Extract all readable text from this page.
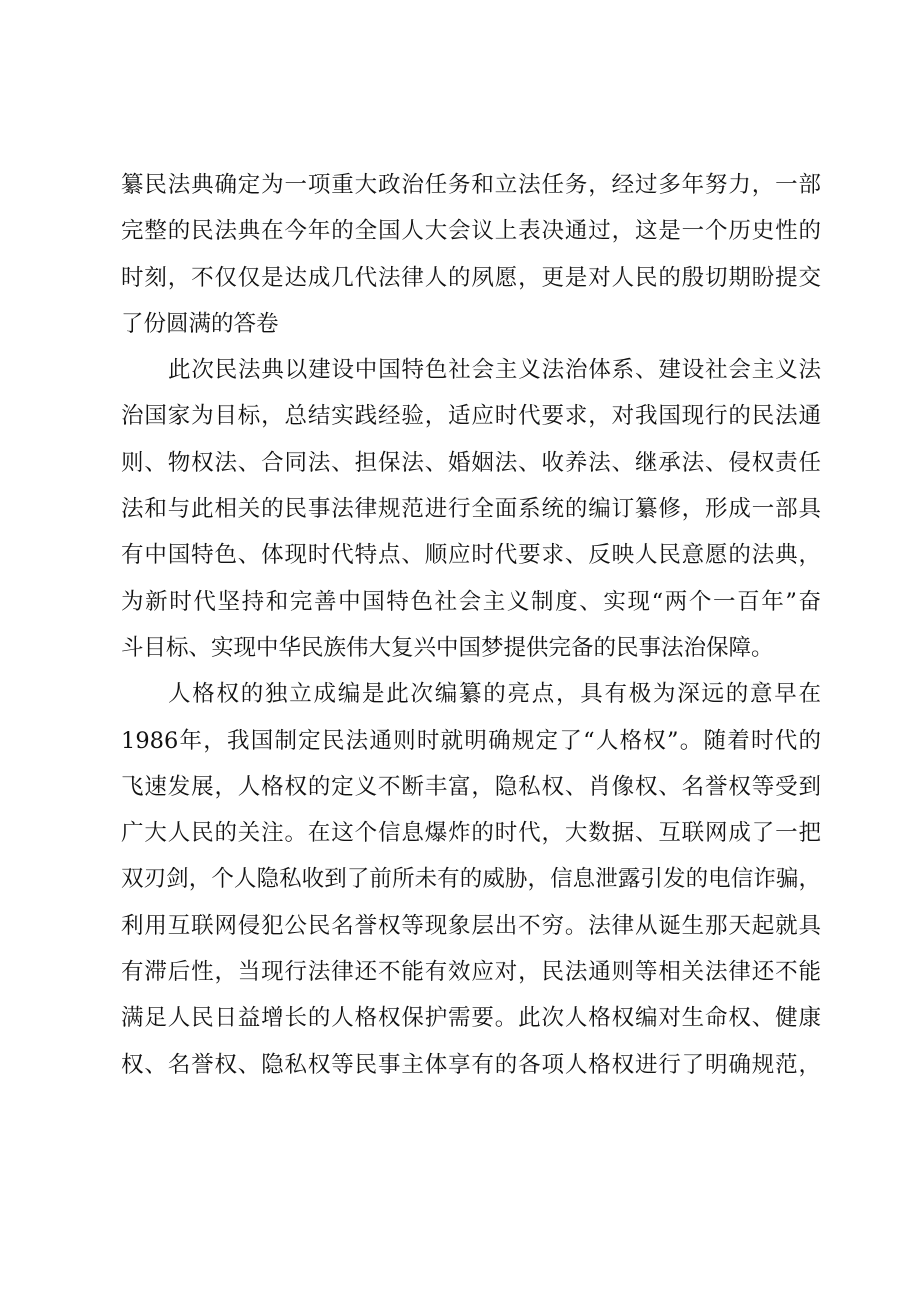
纂民法典确定为一项重大政治任务和立法任务，经过多年努力，一部
完整的民法典在今年的全国人大会议上表决通过，这是一个历史性的
时刻，不仅仅是达成几代法律人的夙愿，更是对人民的殷切期盼提交
了份圆满的答卷
此次民法典以建设中国特色社会主义法治体系、建设社会主义法
治国家为目标，总结实践经验，适应时代要求，对我国现行的民法通
则、物权法、合同法、担保法、婚姻法、收养法、继承法、侵权责任
法和与此相关的民事法律规范进行全面系统的编订纂修，形成一部具
有中国特色、体现时代特点、顺应时代要求、反映人民意愿的法典，
为新时代坚持和完善中国特色社会主义制度、实现“两个一百年”奋
斗目标、实现中华民族伟大复兴中国梦提供完备的民事法治保障。
人格权的独立成编是此次编纂的亮点，具有极为深远的意早在
1986年，我国制定民法通则时就明确规定了“人格权”。随着时代的
飞速发展，人格权的定义不断丰富，隐私权、肖像权、名誉权等受到
广大人民的关注。在这个信息爆炸的时代，大数据、互联网成了一把
双刃剑，个人隐私收到了前所未有的威胁，信息泄露引发的电信诈骗，
利用互联网侵犯公民名誉权等现象层出不穷。法律从诞生那天起就具
有滞后性，当现行法律还不能有效应对，民法通则等相关法律还不能
满足人民日益增长的人格权保护需要。此次人格权编对生命权、健康
权、名誉权、隐私权等民事主体享有的各项人格权进行了明确规范，
